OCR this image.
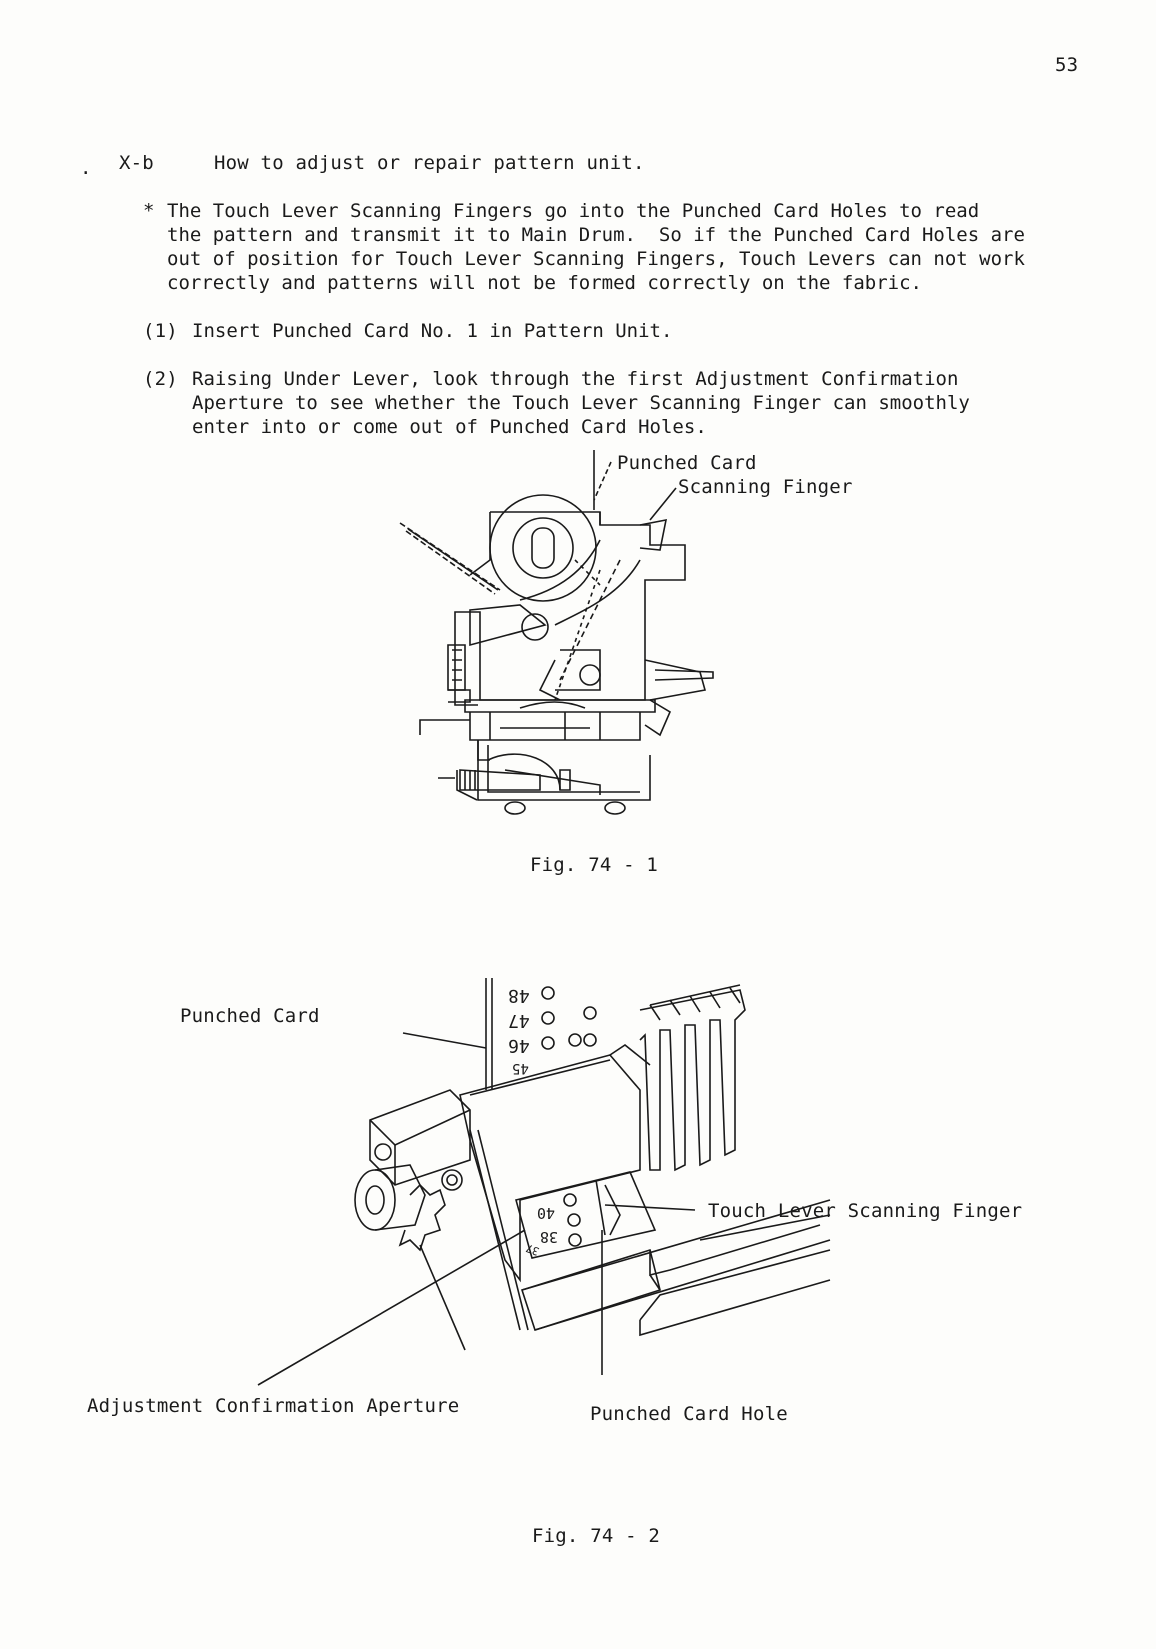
53
. X-b	How to adjust or repair pattern unit.
* The Touch Lever Scanning Fingers go into the Punched Card Holes to read
the pattern and transmit it to Main Drum.  So if the Punched Card Holes are
out of position for Touch Lever Scanning Fingers, Touch Levers can not work
correctly and patterns will not be formed correctly on the fabric.
(1) Insert Punched Card No. 1 in Pattern Unit.
(2) Raising Under Lever, look through the first Adjustment Confirmation
Aperture to see whether the Touch Lever Scanning Finger can smoothly
enter into or come out of Punched Card Holes.
Punched Card
Scanning Finger
Fig. 74 - 1
Punched Card
Touch Lever Scanning Finger
Adjustment Confirmation Aperture	Punched Card Hole
40
38
48
47
46
45
37
Fig. 74 - 2
